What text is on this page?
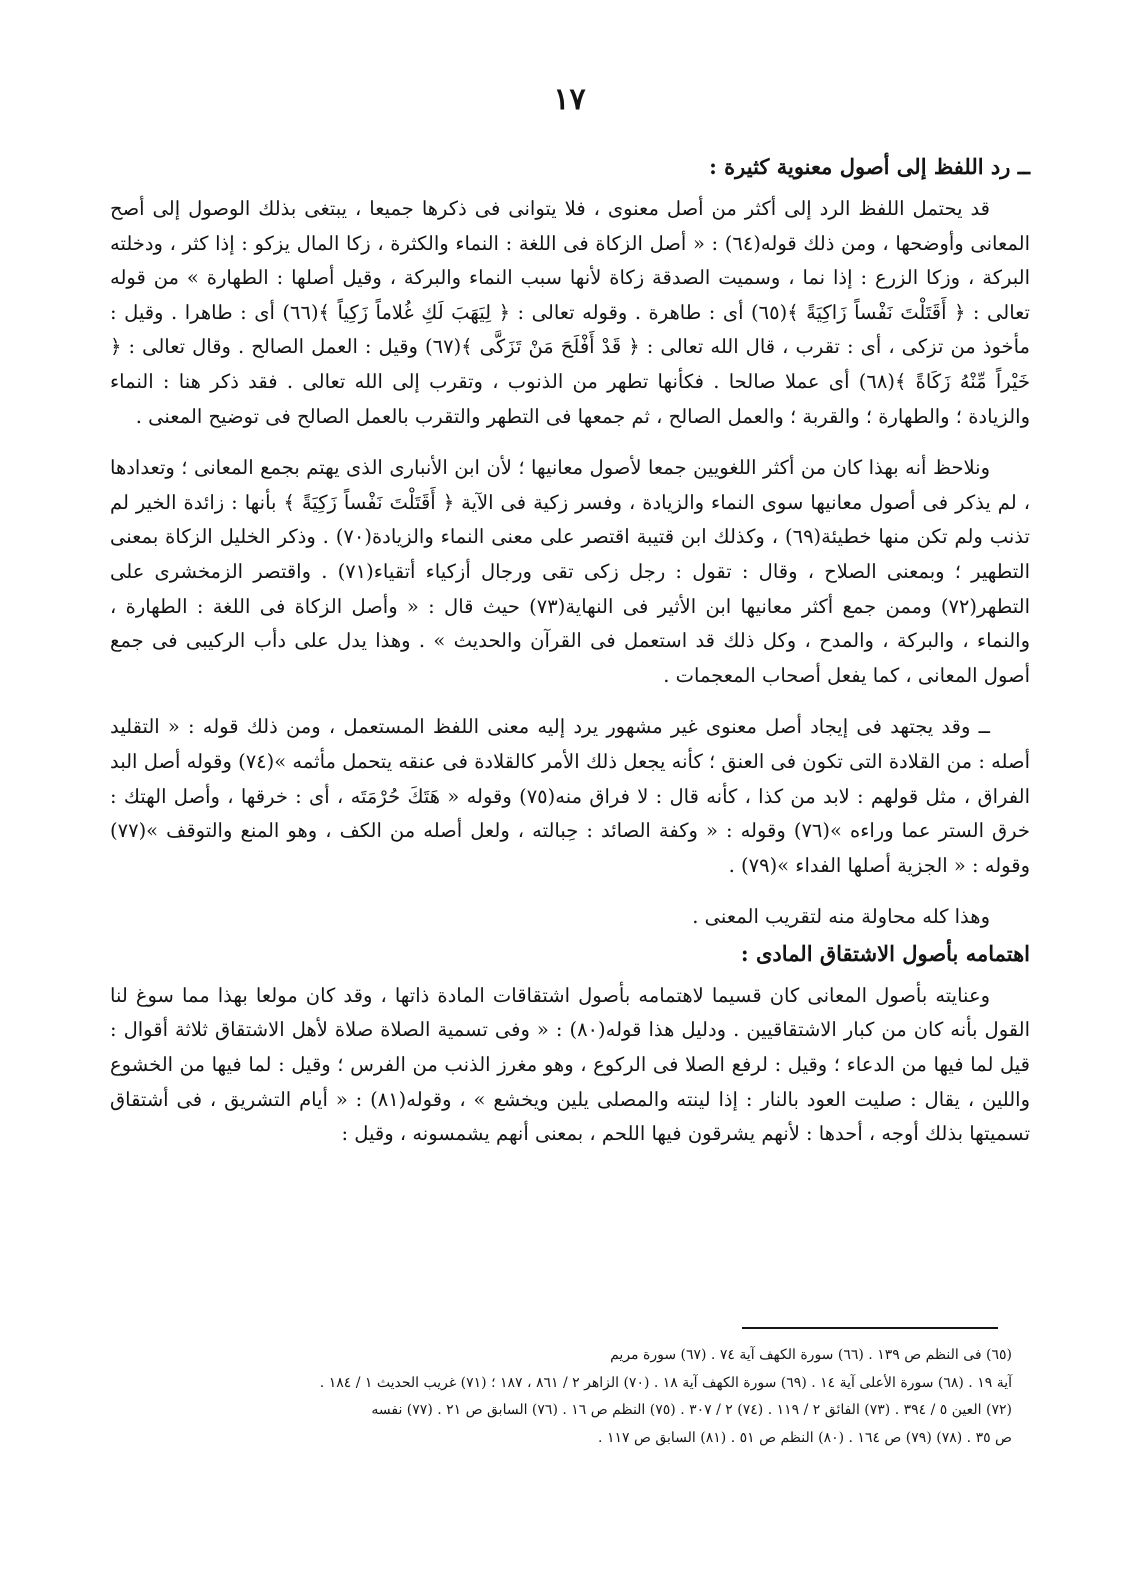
١٧
ــ رد اللفظ إلى أصول معنوية كثيرة :

قد يحتمل اللفظ الرد إلى أكثر من أصل معنوى ، فلا يتوانى فى ذكرها جميعا ، يبتغى بذلك الوصول إلى أصح المعانى وأوضحها ، ومن ذلك قوله(٦٤) : « أصل الزكاة فى اللغة : النماء والكثرة ، زكا المال يزكو : إذا كثر ، ودخلته البركة ، وزكا الزرع : إذا نما ، وسميت الصدقة زكاة لأنها سبب النماء والبركة ، وقيل أصلها : الطهارة » من قوله تعالى : ﴿ أَقَتَلْتَ نَفْساً زَاكِيَةً ﴾(٦٥) أى : طاهرة . وقوله تعالى : ﴿ لِيَهَبَ لَكِ غُلاماً زَكِياً ﴾(٦٦) أى : طاهرا . وقيل : مأخوذ من تزكى ، أى : تقرب ، قال الله تعالى : ﴿ قَدْ أَفْلَحَ مَنْ تَزَكَّى ﴾(٦٧) وقيل : العمل الصالح . وقال تعالى : ﴿ خَيْراً مِّنْهُ زَكَاةً ﴾(٦٨) أى عملا صالحا . فكأنها تطهر من الذنوب ، وتقرب إلى الله تعالى . فقد ذكر هنا : النماء والزيادة ؛ والطهارة ؛ والقربة ؛ والعمل الصالح ، ثم جمعها فى التطهر والتقرب بالعمل الصالح فى توضيح المعنى .

ونلاحظ أنه بهذا كان من أكثر اللغويين جمعا لأصول معانيها ؛ لأن ابن الأنبارى الذى يهتم بجمع المعانى ؛ وتعدادها ، لم يذكر فى أصول معانيها سوى النماء والزيادة ، وفسر زكية فى الآية ﴿ أَقَتَلْتَ نَفْساً زَكِيَةً ﴾ بأنها : زائدة الخير لم تذنب ولم تكن منها خطيئة(٦٩) ، وكذلك ابن قتيبة اقتصر على معنى النماء والزيادة(٧٠) . وذكر الخليل الزكاة بمعنى التطهير ؛ وبمعنى الصلاح ، وقال : تقول : رجل زكى تقى ورجال أزكياء أتقياء(٧١) . واقتصر الزمخشرى على التطهر(٧٢) وممن جمع أكثر معانيها ابن الأثير فى النهاية(٧٣) حيث قال : « وأصل الزكاة فى اللغة : الطهارة ، والنماء ، والبركة ، والمدح ، وكل ذلك قد استعمل فى القرآن والحديث » . وهذا يدل على دأب الركيبى فى جمع أصول المعانى ، كما يفعل أصحاب المعجمات .

ــ وقد يجتهد فى إيجاد أصل معنوى غير مشهور يرد إليه معنى اللفظ المستعمل ، ومن ذلك قوله : « التقليد أصله : من القلادة التى تكون فى العنق ؛ كأنه يجعل ذلك الأمر كالقلادة فى عنقه يتحمل مأثمه »(٧٤) وقوله أصل البد الفراق ، مثل قولهم : لابد من كذا ، كأنه قال : لا فراق منه(٧٥) وقوله « هَتَكَ حُرْمَتَه ، أى : خرقها ، وأصل الهتك : خرق الستر عما وراءه »(٧٦) وقوله : « وكفة الصائد : حِبالته ، ولعل أصله من الكف ، وهو المنع والتوقف »(٧٧) وقوله : « الجزية أصلها الفداء »(٧٩) .

وهذا كله محاولة منه لتقريب المعنى .

اهتمامه بأصول الاشتقاق المادى :

وعنايته بأصول المعانى كان قسيما لاهتمامه بأصول اشتقاقات المادة ذاتها ، وقد كان مولعا بهذا مما سوغ لنا القول بأنه كان من كبار الاشتقاقيين . ودليل هذا قوله(٨٠) : « وفى تسمية الصلاة صلاة لأهل الاشتقاق ثلاثة أقوال : قيل لما فيها من الدعاء ؛ وقيل : لرفع الصلا فى الركوع ، وهو مغرز الذنب من الفرس ؛ وقيل : لما فيها من الخشوع واللين ، يقال : صليت العود بالنار : إذا لينته والمصلى يلين ويخشع » ، وقوله(٨١) : « أيام التشريق ، فى أشتقاق تسميتها بذلك أوجه ، أحدها : لأنهم يشرقون فيها اللحم ، بمعنى أنهم يشمسونه ، وقيل :

(٦٥) فى النظم ص ١٣٩ . (٦٦) سورة الكهف آية ٧٤ . (٦٧) سورة مريم
آية ١٩ . (٦٨) سورة الأعلى آية ١٤ . (٦٩) سورة الكهف آية ١٨ . (٧٠) الزاهر ٢ / ٨٦١ ، ١٨٧ ؛ (٧١) غريب الحديث ١ / ١٨٤ .
(٧٢) العين ٥ / ٣٩٤ . (٧٣) الفائق ٢ / ١١٩ . (٧٤) ٢ / ٣٠٧ . (٧٥) النظم ص ١٦ . (٧٦) السابق ص ٢١ . (٧٧) نفسه
ص ٣٥ . (٧٨) (٧٩) ص ١٦٤ . (٨٠) النظم ص ٥١ . (٨١) السابق ص ١١٧ .
